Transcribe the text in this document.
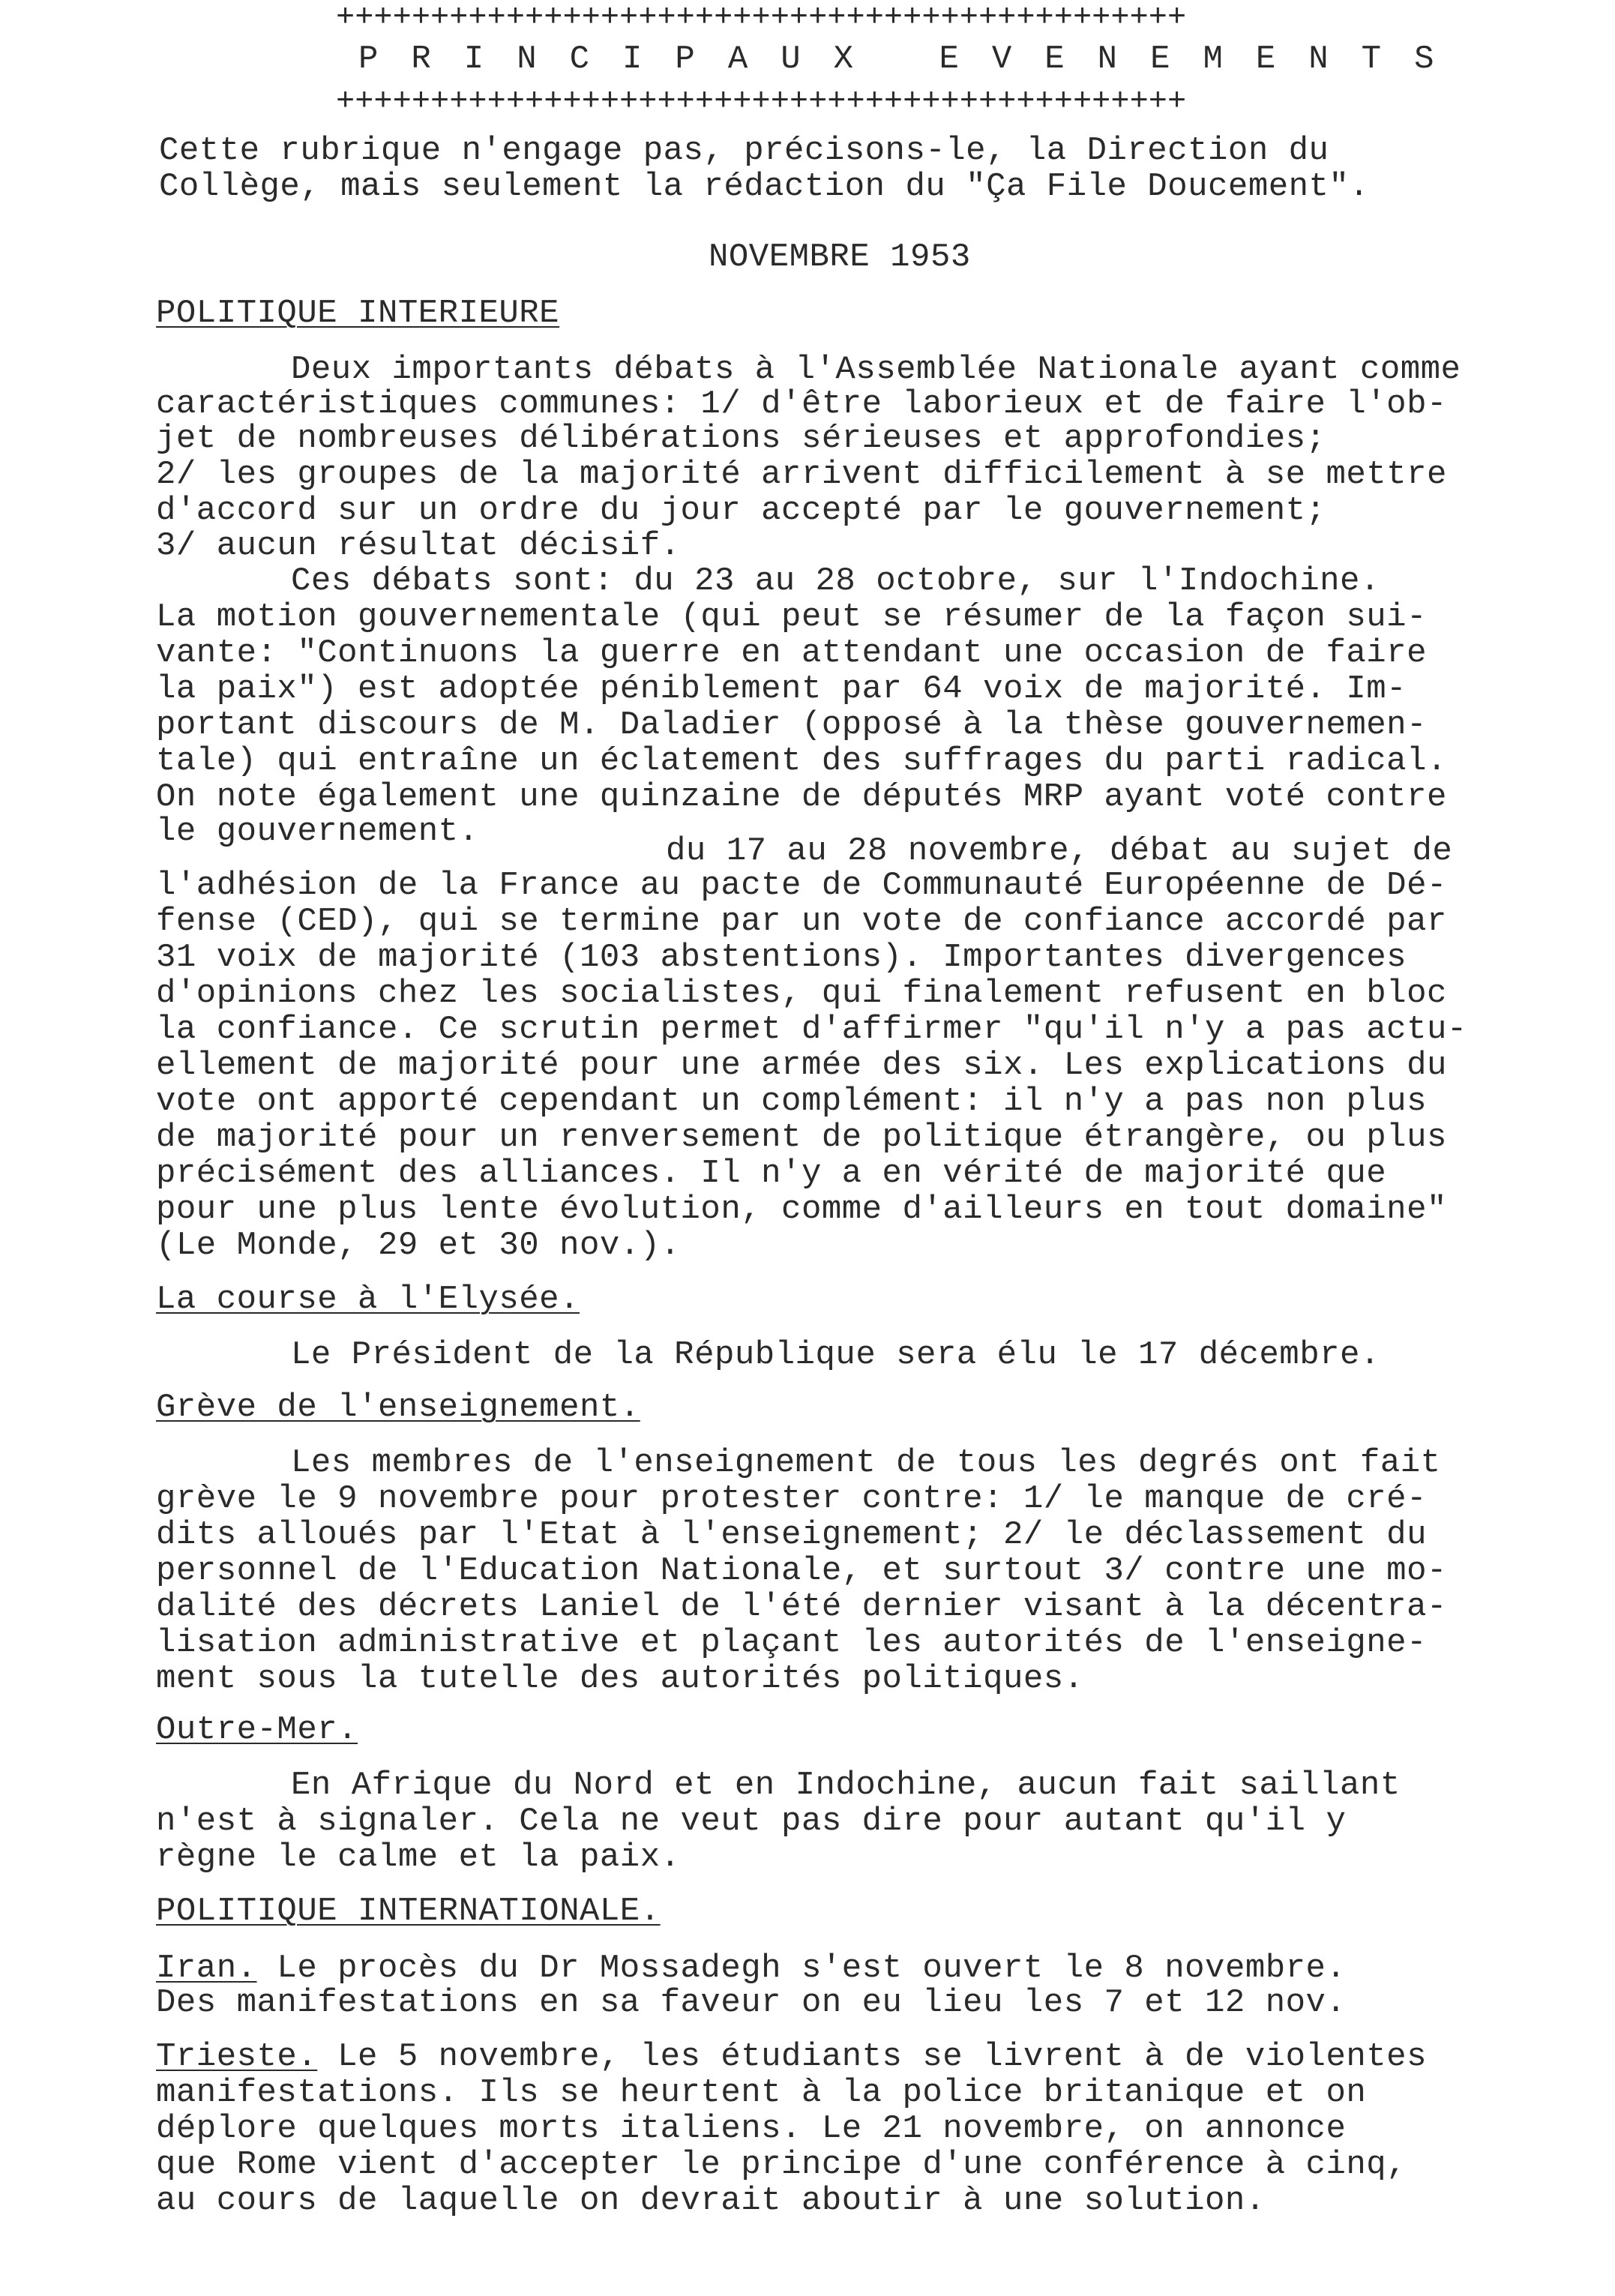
+++++++++++++++++++++++++++++++++++++++++++++
PRINCIPAUX EVENEMENTS
+++++++++++++++++++++++++++++++++++++++++++++
Cette rubrique n'engage pas, précisons-le, la Direction du
Collège, mais seulement la rédaction du "Ça File Doucement".
NOVEMBRE 1953
POLITIQUE INTERIEURE
Deux importants débats à l'Assemblée Nationale ayant comme
caractéristiques communes: 1/ d'être laborieux et de faire l'ob-
jet de nombreuses délibérations sérieuses et approfondies;
2/ les groupes de la majorité arrivent difficilement à se mettre
d'accord sur un ordre du jour accepté par le gouvernement;
3/ aucun résultat décisif.
Ces débats sont: du 23 au 28 octobre, sur l'Indochine.
La motion gouvernementale (qui peut se résumer de la façon sui-
vante: "Continuons la guerre en attendant une occasion de faire
la paix") est adoptée péniblement par 64 voix de majorité. Im-
portant discours de M. Daladier (opposé à la thèse gouvernemen-
tale) qui entraîne un éclatement des suffrages du parti radical.
On note également une quinzaine de députés MRP ayant voté contre
le gouvernement.
du 17 au 28 novembre, débat au sujet de
l'adhésion de la France au pacte de Communauté Européenne de Dé-
fense (CED), qui se termine par un vote de confiance accordé par
31 voix de majorité (103 abstentions). Importantes divergences
d'opinions chez les socialistes, qui finalement refusent en bloc
la confiance. Ce scrutin permet d'affirmer "qu'il n'y a pas actu-
ellement de majorité pour une armée des six. Les explications du
vote ont apporté cependant un complément: il n'y a pas non plus
de majorité pour un renversement de politique étrangère, ou plus
précisément des alliances. Il n'y a en vérité de majorité que
pour une plus lente évolution, comme d'ailleurs en tout domaine"
(Le Monde, 29 et 30 nov.).
La course à l'Elysée.
Le Président de la République sera élu le 17 décembre.
Grève de l'enseignement.
Les membres de l'enseignement de tous les degrés ont fait
grève le 9 novembre pour protester contre: 1/ le manque de cré-
dits alloués par l'Etat à l'enseignement; 2/ le déclassement du
personnel de l'Education Nationale, et surtout 3/ contre une mo-
dalité des décrets Laniel de l'été dernier visant à la décentra-
lisation administrative et plaçant les autorités de l'enseigne-
ment sous la tutelle des autorités politiques.
Outre-Mer.
En Afrique du Nord et en Indochine, aucun fait saillant
n'est à signaler. Cela ne veut pas dire pour autant qu'il y
règne le calme et la paix.
POLITIQUE INTERNATIONALE.
Iran. Le procès du Dr Mossadegh s'est ouvert le 8 novembre.
Des manifestations en sa faveur on eu lieu les 7 et 12 nov.
Trieste. Le 5 novembre, les étudiants se livrent à de violentes
manifestations. Ils se heurtent à la police britanique et on
déplore quelques morts italiens. Le 21 novembre, on annonce
que Rome vient d'accepter le principe d'une conférence à cinq,
au cours de laquelle on devrait aboutir à une solution.
